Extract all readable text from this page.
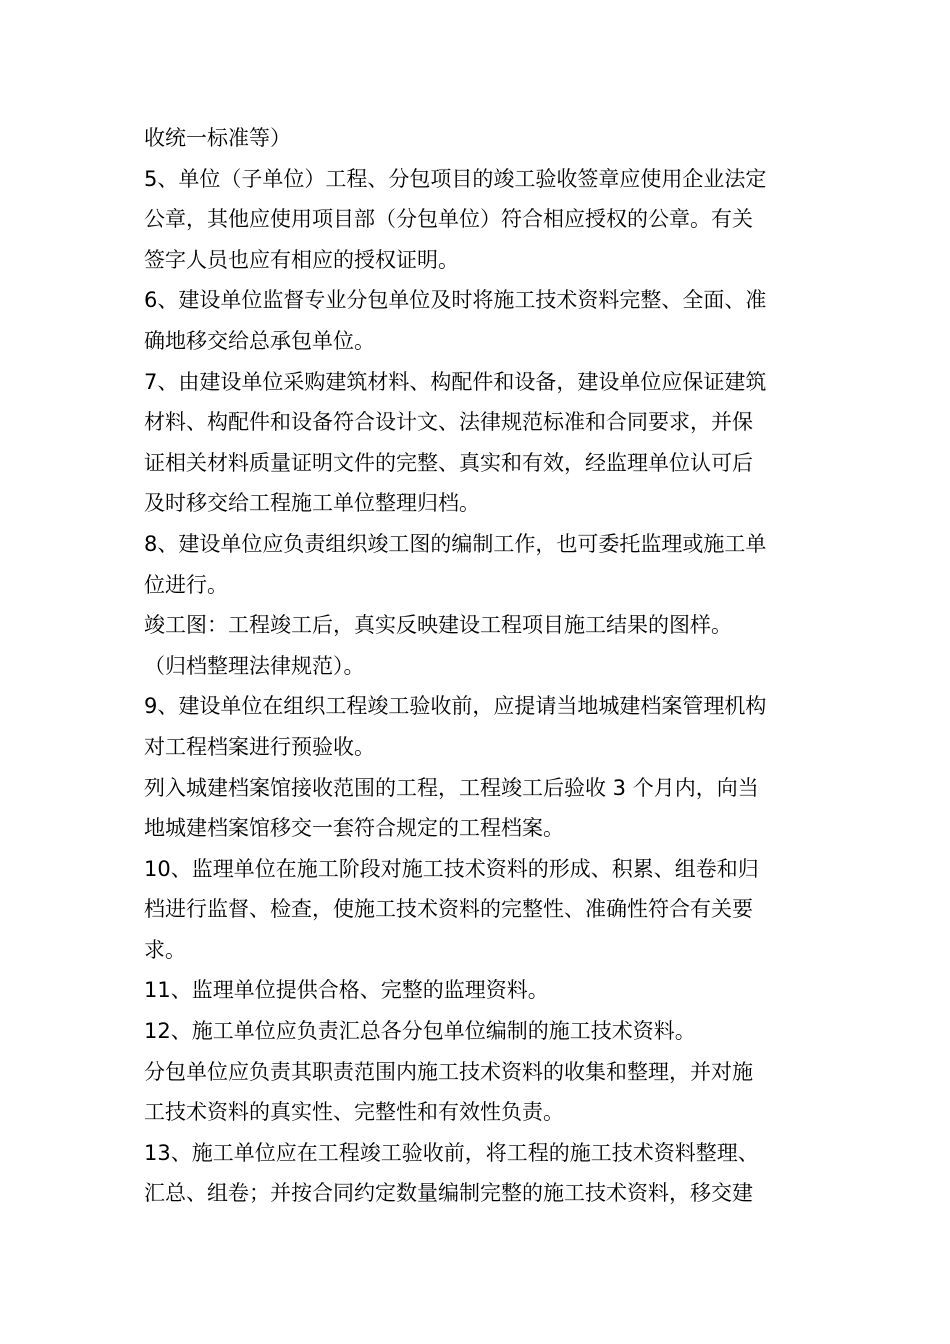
收统一标准等）
5、单位（子单位）工程、分包项目的竣工验收签章应使用企业法定
公章，其他应使用项目部（分包单位）符合相应授权的公章。有关
签字人员也应有相应的授权证明。
6、建设单位监督专业分包单位及时将施工技术资料完整、全面、准
确地移交给总承包单位。
7、由建设单位采购建筑材料、构配件和设备，建设单位应保证建筑
材料、构配件和设备符合设计文、法律规范标准和合同要求，并保
证相关材料质量证明文件的完整、真实和有效，经监理单位认可后
及时移交给工程施工单位整理归档。
8、建设单位应负责组织竣工图的编制工作，也可委托监理或施工单
位进行。
竣工图：工程竣工后，真实反映建设工程项目施工结果的图样。
（归档整理法律规范）。
9、建设单位在组织工程竣工验收前，应提请当地城建档案管理机构
对工程档案进行预验收。
列入城建档案馆接收范围的工程，工程竣工后验收 3 个月内，向当
地城建档案馆移交一套符合规定的工程档案。
10、监理单位在施工阶段对施工技术资料的形成、积累、组卷和归
档进行监督、检查，使施工技术资料的完整性、准确性符合有关要
求。
11、监理单位提供合格、完整的监理资料。
12、施工单位应负责汇总各分包单位编制的施工技术资料。
分包单位应负责其职责范围内施工技术资料的收集和整理，并对施
工技术资料的真实性、完整性和有效性负责。
13、施工单位应在工程竣工验收前，将工程的施工技术资料整理、
汇总、组卷；并按合同约定数量编制完整的施工技术资料，移交建
